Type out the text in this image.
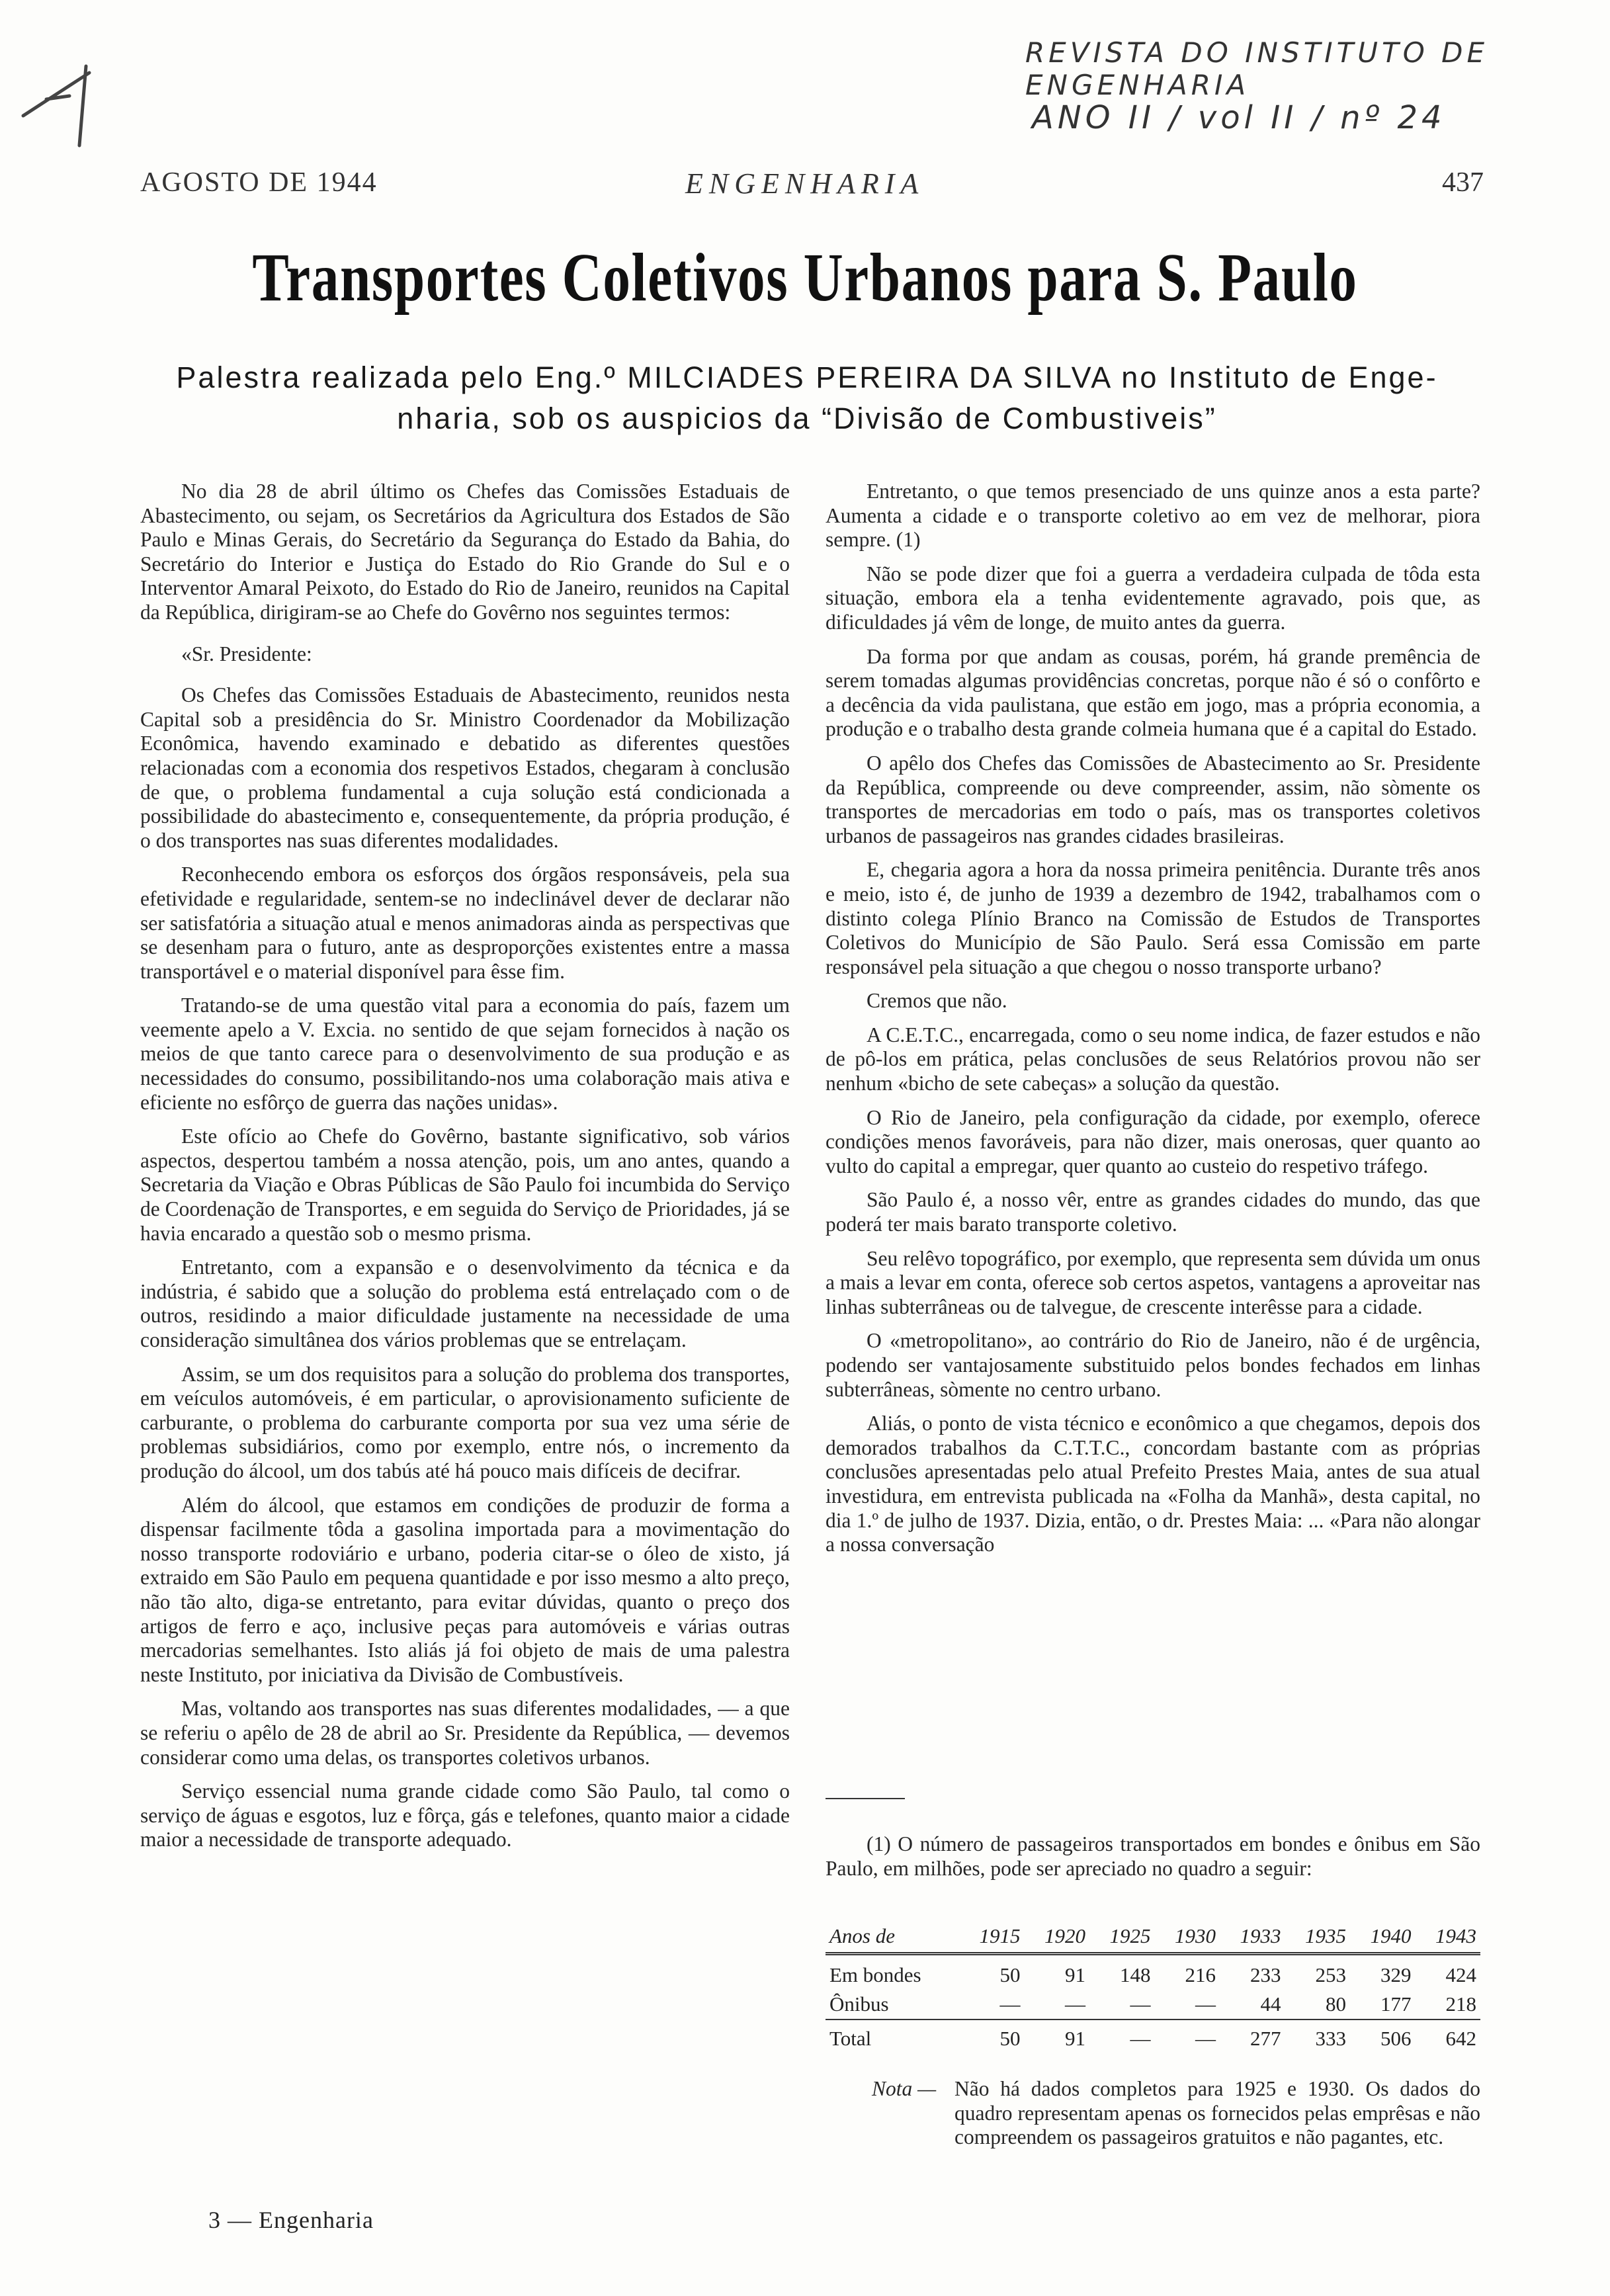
REVISTA DO INSTITUTO DE ENGENHARIA
ANO II / vol II / nº 24
AGOSTO DE 1944	ENGENHARIA	437
Transportes Coletivos Urbanos para S. Paulo
Palestra realizada pelo Eng.º MILCIADES PEREIRA DA SILVA no Instituto de Enge-
nharia, sob os auspicios da “Divisão de Combustiveis”

No dia 28 de abril último os Chefes das Comissões Estaduais de Abastecimento, ou sejam, os Secretários da Agricultura dos Estados de São Paulo e Minas Gerais, do Secretário da Segurança do Estado da Bahia, do Secretário do Interior e Justiça do Estado do Rio Grande do Sul e o Interventor Amaral Peixoto, do Estado do Rio de Janeiro, reunidos na Capital da República, dirigiram-se ao Chefe do Govêrno nos seguintes termos:

«Sr. Presidente:

Os Chefes das Comissões Estaduais de Abastecimento, reunidos nesta Capital sob a presidência do Sr. Ministro Coordenador da Mobilização Econômica, havendo examinado e debatido as diferentes questões relacionadas com a economia dos respetivos Estados, chegaram à conclusão de que, o problema fundamental a cuja solução está condicionada a possibilidade do abastecimento e, consequentemente, da própria produção, é o dos transportes nas suas diferentes modalidades.

Reconhecendo embora os esforços dos órgãos responsáveis, pela sua efetividade e regularidade, sentem-se no indeclinável dever de declarar não ser satisfatória a situação atual e menos animadoras ainda as perspectivas que se desenham para o futuro, ante as desproporções existentes entre a massa transportável e o material disponível para êsse fim.

Tratando-se de uma questão vital para a economia do país, fazem um veemente apelo a V. Excia. no sentido de que sejam fornecidos à nação os meios de que tanto carece para o desenvolvimento de sua produção e as necessidades do consumo, possibilitando-nos uma colaboração mais ativa e eficiente no esfôrço de guerra das nações unidas».

Este ofício ao Chefe do Govêrno, bastante significativo, sob vários aspectos, despertou também a nossa atenção, pois, um ano antes, quando a Secretaria da Viação e Obras Públicas de São Paulo foi incumbida do Serviço de Coordenação de Transportes, e em seguida do Serviço de Prioridades, já se havia encarado a questão sob o mesmo prisma.

Entretanto, com a expansão e o desenvolvimento da técnica e da indústria, é sabido que a solução do problema está entrelaçado com o de outros, residindo a maior dificuldade justamente na necessidade de uma consideração simultânea dos vários problemas que se entrelaçam.

Assim, se um dos requisitos para a solução do problema dos transportes, em veículos automóveis, é em particular, o aprovisionamento suficiente de carburante, o problema do carburante comporta por sua vez uma série de problemas subsidiários, como por exemplo, entre nós, o incremento da produção do álcool, um dos tabús até há pouco mais difíceis de decifrar.

Além do álcool, que estamos em condições de produzir de forma a dispensar facilmente tôda a gasolina importada para a movimentação do nosso transporte rodoviário e urbano, poderia citar-se o óleo de xisto, já extraido em São Paulo em pequena quantidade e por isso mesmo a alto preço, não tão alto, diga-se entretanto, para evitar dúvidas, quanto o preço dos artigos de ferro e aço, inclusive peças para automóveis e várias outras mercadorias semelhantes. Isto aliás já foi objeto de mais de uma palestra neste Instituto, por iniciativa da Divisão de Combustíveis.

Mas, voltando aos transportes nas suas diferentes modalidades, — a que se referiu o apêlo de 28 de abril ao Sr. Presidente da República, — devemos considerar como uma delas, os transportes coletivos urbanos.

Serviço essencial numa grande cidade como São Paulo, tal como o serviço de águas e esgotos, luz e fôrça, gás e telefones, quanto maior a cidade maior a necessidade de transporte adequado.

Entretanto, o que temos presenciado de uns quinze anos a esta parte? Aumenta a cidade e o transporte coletivo ao em vez de melhorar, piora sempre. (1)

Não se pode dizer que foi a guerra a verdadeira culpada de tôda esta situação, embora ela a tenha evidentemente agravado, pois que, as dificuldades já vêm de longe, de muito antes da guerra.

Da forma por que andam as cousas, porém, há grande premência de serem tomadas algumas providências concretas, porque não é só o confôrto e a decência da vida paulistana, que estão em jogo, mas a própria economia, a produção e o trabalho desta grande colmeia humana que é a capital do Estado.

O apêlo dos Chefes das Comissões de Abastecimento ao Sr. Presidente da República, compreende ou deve compreender, assim, não sòmente os transportes de mercadorias em todo o país, mas os transportes coletivos urbanos de passageiros nas grandes cidades brasileiras.

E, chegaria agora a hora da nossa primeira penitência. Durante três anos e meio, isto é, de junho de 1939 a dezembro de 1942, trabalhamos com o distinto colega Plínio Branco na Comissão de Estudos de Transportes Coletivos do Município de São Paulo. Será essa Comissão em parte responsável pela situação a que chegou o nosso transporte urbano?

Cremos que não.

A C.E.T.C., encarregada, como o seu nome indica, de fazer estudos e não de pô-los em prática, pelas conclusões de seus Relatórios provou não ser nenhum «bicho de sete cabeças» a solução da questão.

O Rio de Janeiro, pela configuração da cidade, por exemplo, oferece condições menos favoráveis, para não dizer, mais onerosas, quer quanto ao vulto do capital a empregar, quer quanto ao custeio do respetivo tráfego.

São Paulo é, a nosso vêr, entre as grandes cidades do mundo, das que poderá ter mais barato transporte coletivo.

Seu relêvo topográfico, por exemplo, que representa sem dúvida um onus a mais a levar em conta, oferece sob certos aspetos, vantagens a aproveitar nas linhas subterrâneas ou de talvegue, de crescente interêsse para a cidade.

O «metropolitano», ao contrário do Rio de Janeiro, não é de urgência, podendo ser vantajosamente substituido pelos bondes fechados em linhas subterrâneas, sòmente no centro urbano.

Aliás, o ponto de vista técnico e econômico a que chegamos, depois dos demorados trabalhos da C.T.T.C., concordam bastante com as próprias conclusões apresentadas pelo atual Prefeito Prestes Maia, antes de sua atual investidura, em entrevista publicada na «Folha da Manhã», desta capital, no dia 1.º de julho de 1937. Dizia, então, o dr. Prestes Maia: ... «Para não alongar a nossa conversação

(1) O número de passageiros transportados em bondes e ônibus em São Paulo, em milhões, pode ser apreciado no quadro a seguir:

Anos de	1915	1920	1925	1930	1933	1935	1940	1943
Em bondes	50	91	148	216	233	253	329	424
Ônibus	—	—	—	—	44	80	177	218
Total	50	91	—	—	277	333	506	642
Nota — Não há dados completos para 1925 e 1930. Os dados do quadro representam apenas os fornecidos pelas emprêsas e não compreendem os passageiros gratuitos e não pagantes, etc.
3 — Engenharia
